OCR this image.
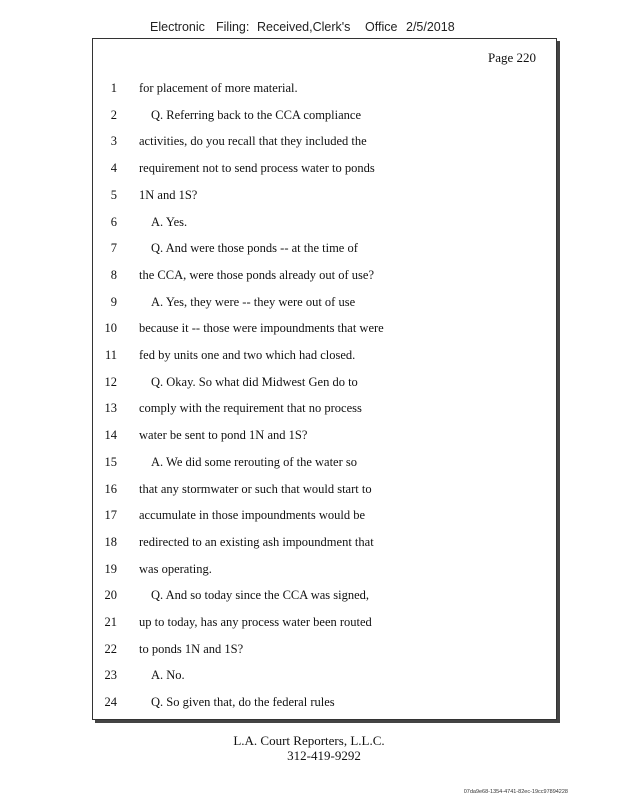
Electronic Filing: Received,Clerk's Office 2/5/2018
Page 220
1 for placement of more material.
2	Q. Referring back to the CCA compliance
3 activities, do you recall that they included the
4 requirement not to send process water to ponds
5 1N and 1S?
6	A. Yes.
7	Q. And were those ponds -- at the time of
8 the CCA, were those ponds already out of use?
9	A. Yes, they were -- they were out of use
10 because it -- those were impoundments that were
11 fed by units one and two which had closed.
12	Q. Okay. So what did Midwest Gen do to
13 comply with the requirement that no process
14 water be sent to pond 1N and 1S?
15	A. We did some rerouting of the water so
16 that any stormwater or such that would start to
17 accumulate in those impoundments would be
18 redirected to an existing ash impoundment that
19 was operating.
20	Q. And so today since the CCA was signed,
21 up to today, has any process water been routed
22 to ponds 1N and 1S?
23	A. No.
24	Q. So given that, do the federal rules
L.A. Court Reporters, L.L.C.
312-419-9292
07da9e68-1354-4741-82ec-19cc97894228
